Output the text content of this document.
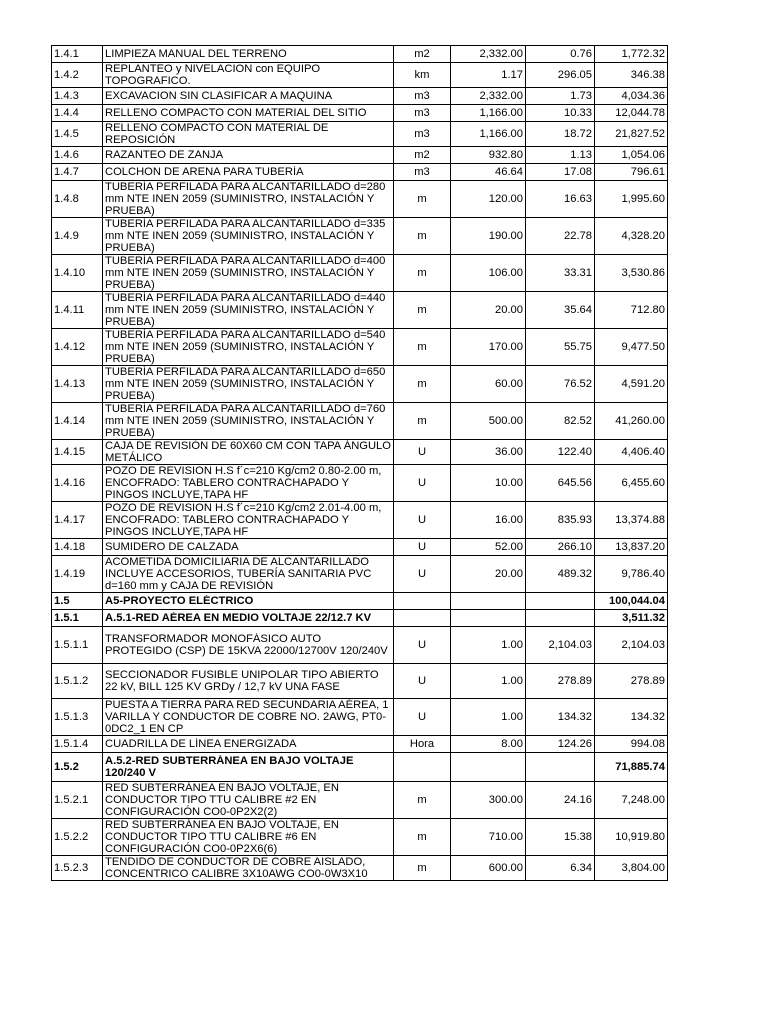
1.4.1	LIMPIEZA MANUAL DEL TERRENO	m2	2,332.00	0.76	1,772.32
1.4.2	REPLANTEO y NIVELACION con EQUIPO TOPOGRAFICO.	km	1.17	296.05	346.38
1.4.3	EXCAVACION SIN CLASIFICAR A MAQUINA	m3	2,332.00	1.73	4,034.36
1.4.4	RELLENO COMPACTO CON MATERIAL DEL SITIO	m3	1,166.00	10.33	12,044.78
1.4.5	RELLENO COMPACTO CON MATERIAL DE REPOSICIÓN	m3	1,166.00	18.72	21,827.52
1.4.6	RAZANTEO DE ZANJA	m2	932.80	1.13	1,054.06
1.4.7	COLCHON DE ARENA PARA TUBERÍA	m3	46.64	17.08	796.61
1.4.8	TUBERÍA PERFILADA PARA ALCANTARILLADO d=280 mm NTE INEN 2059 (SUMINISTRO, INSTALACIÓN Y PRUEBA)	m	120.00	16.63	1,995.60
1.4.9	TUBERÍA PERFILADA PARA ALCANTARILLADO d=335 mm NTE INEN 2059 (SUMINISTRO, INSTALACIÓN Y PRUEBA)	m	190.00	22.78	4,328.20
1.4.10	TUBERÍA PERFILADA PARA ALCANTARILLADO d=400 mm NTE INEN 2059 (SUMINISTRO, INSTALACIÓN Y PRUEBA)	m	106.00	33.31	3,530.86
1.4.11	TUBERÍA PERFILADA PARA ALCANTARILLADO d=440 mm NTE INEN 2059 (SUMINISTRO, INSTALACIÓN Y PRUEBA)	m	20.00	35.64	712.80
1.4.12	TUBERÍA PERFILADA PARA ALCANTARILLADO d=540 mm NTE INEN 2059 (SUMINISTRO, INSTALACIÓN Y PRUEBA)	m	170.00	55.75	9,477.50
1.4.13	TUBERÍA PERFILADA PARA ALCANTARILLADO d=650 mm NTE INEN 2059 (SUMINISTRO, INSTALACIÓN Y PRUEBA)	m	60.00	76.52	4,591.20
1.4.14	TUBERÍA PERFILADA PARA ALCANTARILLADO d=760 mm NTE INEN 2059 (SUMINISTRO, INSTALACIÓN Y PRUEBA)	m	500.00	82.52	41,260.00
1.4.15	CAJA DE REVISIÓN DE 60X60 CM CON TAPA ÁNGULO METÁLICO	U	36.00	122.40	4,406.40
1.4.16	POZO DE REVISION H.S f´c=210 Kg/cm2 0.80-2.00 m, ENCOFRADO: TABLERO CONTRACHAPADO Y PINGOS INCLUYE,TAPA HF	U	10.00	645.56	6,455.60
1.4.17	POZO DE REVISION H.S f´c=210 Kg/cm2 2.01-4.00 m, ENCOFRADO: TABLERO CONTRACHAPADO Y PINGOS INCLUYE,TAPA HF	U	16.00	835.93	13,374.88
1.4.18	SUMIDERO DE CALZADA	U	52.00	266.10	13,837.20
1.4.19	ACOMETIDA DOMICILIARIA DE ALCANTARILLADO INCLUYE ACCESORIOS, TUBERÍA SANITARIA PVC d=160 mm y CAJA DE REVISIÓN	U	20.00	489.32	9,786.40
1.5	A5-PROYECTO ELÉCTRICO				100,044.04
1.5.1	A.5.1-RED AÉREA EN MEDIO VOLTAJE 22/12.7 KV				3,511.32
1.5.1.1	TRANSFORMADOR MONOFÁSICO AUTO PROTEGIDO (CSP) DE 15KVA 22000/12700V 120/240V	U	1.00	2,104.03	2,104.03
1.5.1.2	SECCIONADOR FUSIBLE UNIPOLAR TIPO ABIERTO 22 kV, BILL 125 KV GRDy / 12,7 kV UNA FASE	U	1.00	278.89	278.89
1.5.1.3	PUESTA A TIERRA PARA RED SECUNDARIA AÉREA, 1 VARILLA Y CONDUCTOR DE COBRE NO. 2AWG, PT0-0DC2_1 EN CP	U	1.00	134.32	134.32
1.5.1.4	CUADRILLA DE LÍNEA ENERGIZADA	Hora	8.00	124.26	994.08
1.5.2	A.5.2-RED SUBTERRÁNEA EN BAJO VOLTAJE 120/240 V				71,885.74
1.5.2.1	RED SUBTERRÁNEA EN BAJO VOLTAJE, EN CONDUCTOR TIPO TTU CALIBRE #2 EN CONFIGURACIÓN CO0-0P2X2(2)	m	300.00	24.16	7,248.00
1.5.2.2	RED SUBTERRÁNEA EN BAJO VOLTAJE, EN CONDUCTOR TIPO TTU CALIBRE #6 EN CONFIGURACIÓN CO0-0P2X6(6)	m	710.00	15.38	10,919.80
1.5.2.3	TENDIDO DE CONDUCTOR DE COBRE AISLADO, CONCENTRICO CALIBRE 3X10AWG CO0-0W3X10	m	600.00	6.34	3,804.00
